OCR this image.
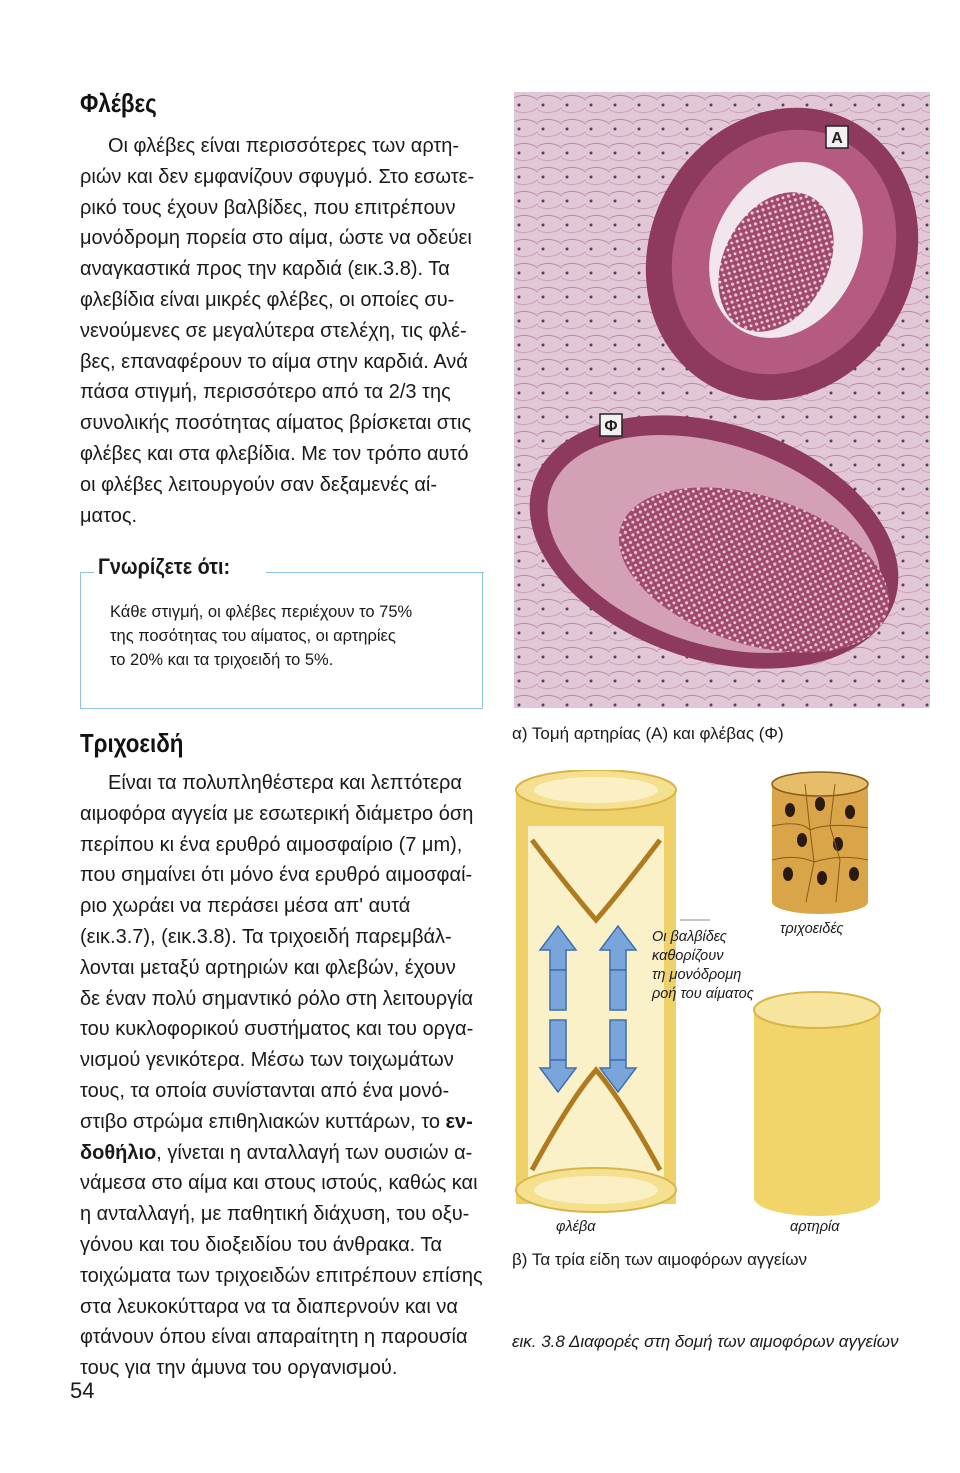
Φλέβες
Οι φλέβες είναι περισσότερες των αρτη-
ριών και δεν εμφανίζουν σφυγμό. Στο εσωτε-
ρικό τους έχουν βαλβίδες, που επιτρέπουν
μονόδρομη πορεία στο αίμα, ώστε να οδεύει
αναγκαστικά προς την καρδιά (εικ.3.8). Τα
φλεβίδια είναι μικρές φλέβες, οι οποίες συ-
νενούμενες σε μεγαλύτερα στελέχη, τις φλέ-
βες, επαναφέρουν το αίμα στην καρδιά. Ανά
πάσα στιγμή, περισσότερο από τα 2/3 της
συνολικής ποσότητας αίματος βρίσκεται στις
φλέβες και στα φλεβίδια. Με τον τρόπο αυτό
οι φλέβες λειτουργούν σαν δεξαμενές αί-
ματος.
Γνωρίζετε ότι:
Κάθε στιγμή, οι φλέβες περιέχουν το 75%
της ποσότητας του αίματος, οι αρτηρίες
το 20% και τα τριχοειδή το 5%.
Τριχοειδή
Είναι τα πολυπληθέστερα και λεπτότερα
αιμοφόρα αγγεία με εσωτερική διάμετρο όση
περίπου κι ένα ερυθρό αιμοσφαίριο (7 μm),
που σημαίνει ότι μόνο ένα ερυθρό αιμοσφαί-
ριο χωράει να περάσει μέσα απ' αυτά
(εικ.3.7), (εικ.3.8). Τα τριχοειδή παρεμβάλ-
λονται μεταξύ αρτηριών και φλεβών, έχουν
δε έναν πολύ σημαντικό ρόλο στη λειτουργία
του κυκλοφορικού συστήματος και του οργα-
νισμού γενικότερα. Μέσω των τοιχωμάτων
τους, τα οποία συνίστανται από ένα μονό-
στιβο στρώμα επιθηλιακών κυττάρων, το εν-
δοθήλιο, γίνεται η ανταλλαγή των ουσιών α-
νάμεσα στο αίμα και στους ιστούς, καθώς και
η ανταλλαγή, με παθητική διάχυση, του οξυ-
γόνου και του διοξειδίου του άνθρακα. Τα
τοιχώματα των τριχοειδών επιτρέπουν επίσης
στα λευκοκύτταρα να τα διαπερνούν και να
φτάνουν όπου είναι απαραίτητη η παρουσία
τους για την άμυνα του οργανισμού.
54
A
Φ
α) Τομή αρτηρίας (Α) και φλέβας (Φ)
Οι βαλβίδες
καθορίζουν
τη μονόδρομη
ροή του αίματος
τριχοειδές
φλέβα	αρτηρία
β) Τα τρία είδη των αιμοφόρων αγγείων
εικ. 3.8 Διαφορές στη δομή των αιμοφόρων αγγείων
